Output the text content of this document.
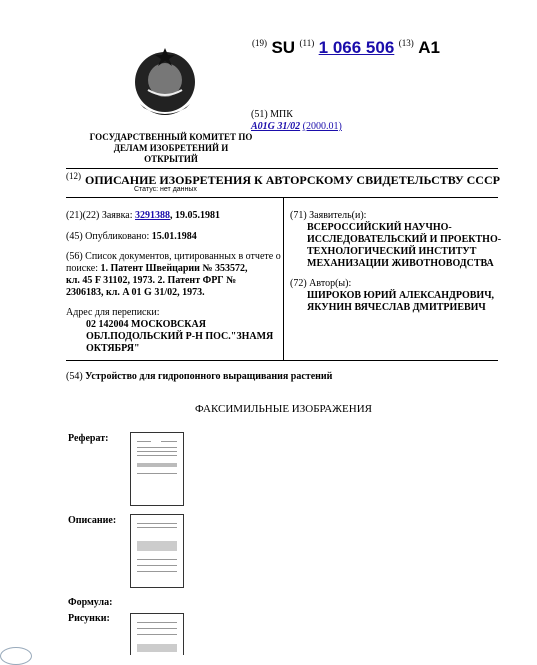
ГОСУДАРСТВЕННЫЙ КОМИТЕТ ПО
ДЕЛАМ ИЗОБРЕТЕНИЙ И ОТКРЫТИЙ
$^{(19)}$ SU $^{(11)}$ 1 066 506 $^{(13)}$ A1
(51) МПК
A01G 31/02 (2000.01)
$^{(12)}$ ОПИСАНИЕ ИЗОБРЕТЕНИЯ К АВТОРСКОМУ СВИДЕТЕЛЬСТВУ СССР
Статус: нет данных
(21)(22) Заявка: 3291388, 19.05.1981
(45) Опубликовано: 15.01.1984
(56) Список документов, цитированных в отчете о
поиске: 1. Патент Швейцарии № 353572,
кл. 45 F 31102, 1973. 2. Патент ФРГ №
2306183, кл. A 01 G 31/02, 1973.
Адрес для переписки:
02 142004 МОСКОВСКАЯ
ОБЛ.ПОДОЛЬСКИЙ Р-Н ПОС."ЗНАМЯ
ОКТЯБРЯ"
(71) Заявитель(и):
ВСЕРОССИЙСКИЙ НАУЧНО-
ИССЛЕДОВАТЕЛЬСКИЙ И ПРОЕКТНО-
ТЕХНОЛОГИЧЕСКИЙ ИНСТИТУТ
МЕХАНИЗАЦИИ ЖИВОТНОВОДСТВА
(72) Автор(ы):
ШИРОКОВ ЮРИЙ АЛЕКСАНДРОВИЧ,
ЯКУНИН ВЯЧЕСЛАВ ДМИТРИЕВИЧ
(54) Устройство для гидропонного выращивания растений
ФАКСИМИЛЬНЫЕ ИЗОБРАЖЕНИЯ
Реферат:
Описание:
Формула:
Рисунки:
